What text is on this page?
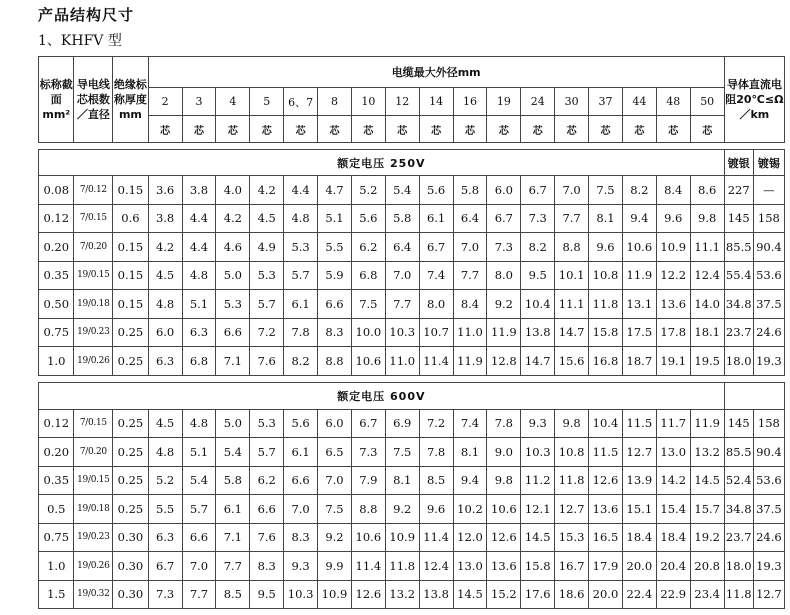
产品结构尺寸
1、KHFV 型
标称截面mm²	导电线芯根数／直径	绝缘标称厚度mm	电缆最大外径mm																	导体直流电阻20℃≤Ω／km	
			2	3	4	5	6、7	8	10	12	14	16	19	24	30	37	44	48	50		
			芯	芯	芯	芯	芯	芯	芯	芯	芯	芯	芯	芯	芯	芯	芯	芯	芯		

额定电压 250V																				镀银	镀锡
0.08	7/0.12	0.15	3.6	3.8	4.0	4.2	4.4	4.7	5.2	5.4	5.6	5.8	6.0	6.7	7.0	7.5	8.2	8.4	8.6	227	—
0.12	7/0.15	0.6	3.8	4.4	4.2	4.5	4.8	5.1	5.6	5.8	6.1	6.4	6.7	7.3	7.7	8.1	9.4	9.6	9.8	145	158
0.20	7/0.20	0.15	4.2	4.4	4.6	4.9	5.3	5.5	6.2	6.4	6.7	7.0	7.3	8.2	8.8	9.6	10.6	10.9	11.1	85.5	90.4
0.35	19/0.15	0.15	4.5	4.8	5.0	5.3	5.7	5.9	6.8	7.0	7.4	7.7	8.0	9.5	10.1	10.8	11.9	12.2	12.4	55.4	53.6
0.50	19/0.18	0.15	4.8	5.1	5.3	5.7	6.1	6.6	7.5	7.7	8.0	8.4	9.2	10.4	11.1	11.8	13.1	13.6	14.0	34.8	37.5
0.75	19/0.23	0.25	6.0	6.3	6.6	7.2	7.8	8.3	10.0	10.3	10.7	11.0	11.9	13.8	14.7	15.8	17.5	17.8	18.1	23.7	24.6
1.0	19/0.26	0.25	6.3	6.8	7.1	7.6	8.2	8.8	10.6	11.0	11.4	11.9	12.8	14.7	15.6	16.8	18.7	19.1	19.5	18.0	19.3

额定电压 600V																					
0.12	7/0.15	0.25	4.5	4.8	5.0	5.3	5.6	6.0	6.7	6.9	7.2	7.4	7.8	9.3	9.8	10.4	11.5	11.7	11.9	145	158
0.20	7/0.20	0.25	4.8	5.1	5.4	5.7	6.1	6.5	7.3	7.5	7.8	8.1	9.0	10.3	10.8	11.5	12.7	13.0	13.2	85.5	90.4
0.35	19/0.15	0.25	5.2	5.4	5.8	6.2	6.6	7.0	7.9	8.1	8.5	9.4	9.8	11.2	11.8	12.6	13.9	14.2	14.5	52.4	53.6
0.5	19/0.18	0.25	5.5	5.7	6.1	6.6	7.0	7.5	8.8	9.2	9.6	10.2	10.6	12.1	12.7	13.6	15.1	15.4	15.7	34.8	37.5
0.75	19/0.23	0.30	6.3	6.6	7.1	7.6	8.3	9.2	10.6	10.9	11.4	12.0	12.6	14.5	15.3	16.5	18.4	18.4	19.2	23.7	24.6
1.0	19/0.26	0.30	6.7	7.0	7.7	8.3	9.3	9.9	11.4	11.8	12.4	13.0	13.6	15.8	16.7	17.9	20.0	20.4	20.8	18.0	19.3
1.5	19/0.32	0.30	7.3	7.7	8.5	9.5	10.3	10.9	12.6	13.2	13.8	14.5	15.2	17.6	18.6	20.0	22.4	22.9	23.4	11.8	12.7
